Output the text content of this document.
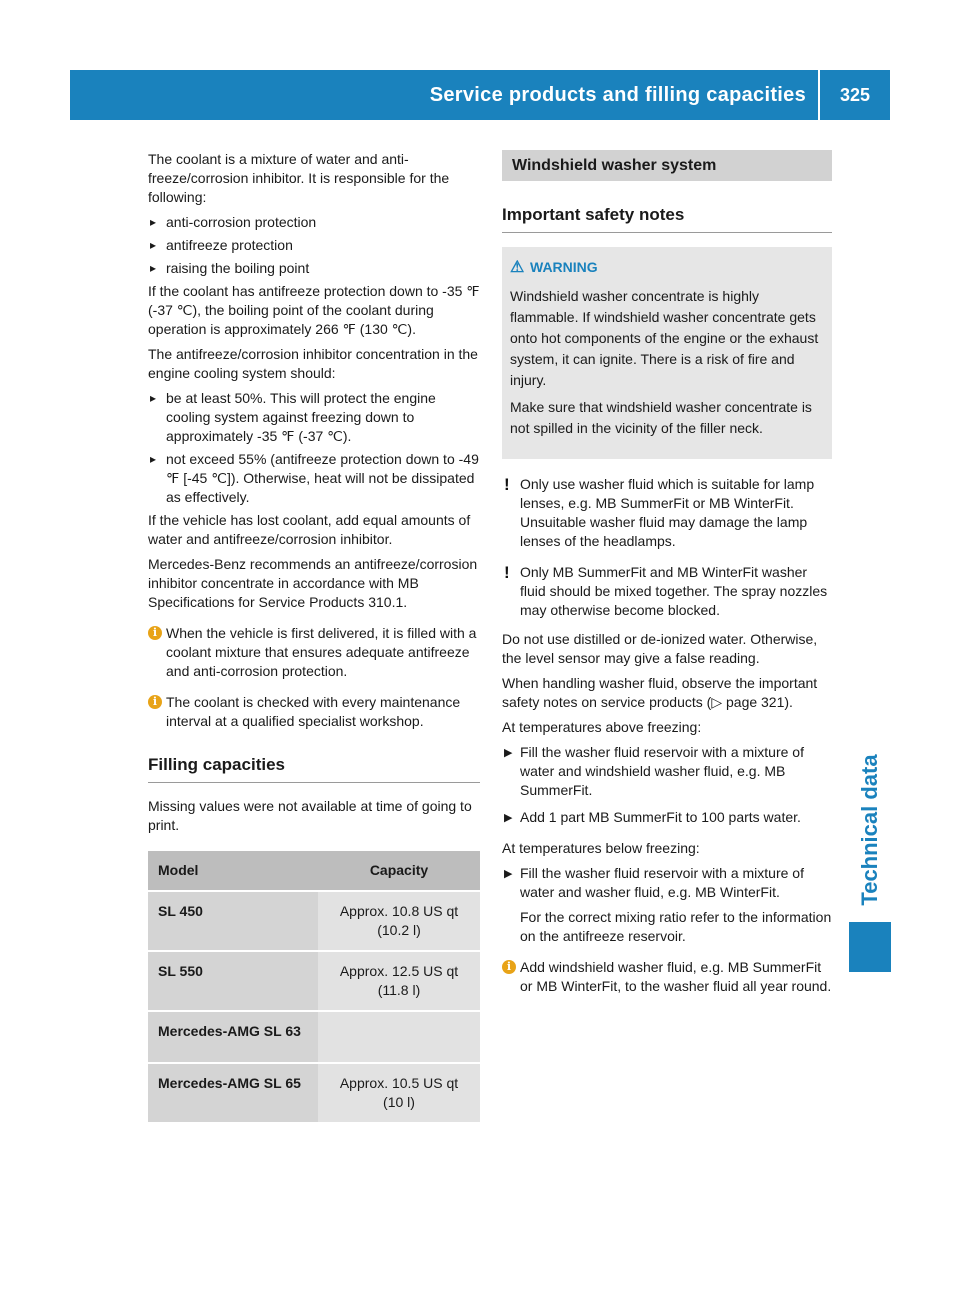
Service products and filling capacities	325
Technical data

The coolant is a mixture of water and anti-freeze/corrosion inhibitor. It is responsible for the following:

▸ anti-corrosion protection
▸ antifreeze protection
▸ raising the boiling point

If the coolant has antifreeze protection down to -35 ℉ (-37 ℃), the boiling point of the coolant during operation is approximately 266 ℉ (130 ℃).

The antifreeze/corrosion inhibitor concentration in the engine cooling system should:

▸ be at least 50%. This will protect the engine cooling system against freezing down to approximately -35 ℉ (-37 ℃).
▸ not exceed 55% (antifreeze protection down to -49 ℉ [-45 ℃]). Otherwise, heat will not be dissipated as effectively.

If the vehicle has lost coolant, add equal amounts of water and antifreeze/corrosion inhibitor.

Mercedes-Benz recommends an antifreeze/corrosion inhibitor concentrate in accordance with MB Specifications for Service Products 310.1.

i When the vehicle is first delivered, it is filled with a coolant mixture that ensures adequate antifreeze and anti-corrosion protection.
i The coolant is checked with every maintenance interval at a qualified specialist workshop.
Filling capacities

Missing values were not available at time of going to print.

Model	Capacity
SL 450	Approx. 10.8 US qt (10.2 l)
SL 550	Approx. 12.5 US qt (11.8 l)
Mercedes-AMG SL 63	
Mercedes-AMG SL 65	Approx. 10.5 US qt (10 l)
Windshield washer system
Important safety notes
⚠ WARNING

Windshield washer concentrate is highly flammable. If windshield washer concentrate gets onto hot components of the engine or the exhaust system, it can ignite. There is a risk of fire and injury.

Make sure that windshield washer concentrate is not spilled in the vicinity of the filler neck.

! Only use washer fluid which is suitable for lamp lenses, e.g. MB SummerFit or MB WinterFit. Unsuitable washer fluid may damage the lamp lenses of the headlamps.
! Only MB SummerFit and MB WinterFit washer fluid should be mixed together. The spray nozzles may otherwise become blocked.

Do not use distilled or de-ionized water. Otherwise, the level sensor may give a false reading.

When handling washer fluid, observe the important safety notes on service products (▷ page 321).

At temperatures above freezing:

▶ Fill the washer fluid reservoir with a mixture of water and windshield washer fluid, e.g. MB SummerFit.
▶ Add 1 part MB SummerFit to 100 parts water.

At temperatures below freezing:

▶ Fill the washer fluid reservoir with a mixture of water and washer fluid, e.g. MB WinterFit.
For the correct mixing ratio refer to the information on the antifreeze reservoir.
i Add windshield washer fluid, e.g. MB SummerFit or MB WinterFit, to the washer fluid all year round.
